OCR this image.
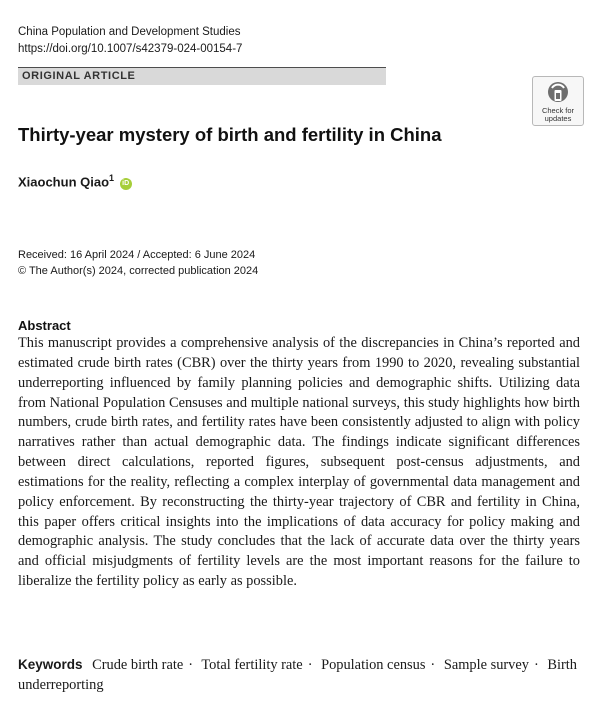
China Population and Development Studies
https://doi.org/10.1007/s42379-024-00154-7
ORIGINAL ARTICLE
Check for
updates
Thirty-year mystery of birth and fertility in China
Xiaochun Qiao$^1$ iD
Received: 16 April 2024 / Accepted: 6 June 2024
© The Author(s) 2024, corrected publication 2024
Abstract
This manuscript provides a comprehensive analysis of the discrepancies in China’s reported and estimated crude birth rates (CBR) over the thirty years from 1990 to 2020, revealing substantial underreporting influenced by family planning policies and demographic shifts. Utilizing data from National Population Censuses and multiple national surveys, this study highlights how birth numbers, crude birth rates, and fertility rates have been consistently adjusted to align with policy narratives rather than actual demographic data. The findings indicate significant differences between direct calculations, reported figures, subsequent post-census adjustments, and estimations for the reality, reflecting a complex interplay of governmental data management and policy enforcement. By reconstructing the thirty-year trajectory of CBR and fertility in China, this paper offers critical insights into the implications of data accuracy for policy making and demographic analysis. The study concludes that the lack of accurate data over the thirty years and official misjudgments of fertility levels are the most important reasons for the failure to liberalize the fertility policy as early as possible.
Keywords Crude birth rate · Total fertility rate · Population census · Sample survey · Birth underreporting
